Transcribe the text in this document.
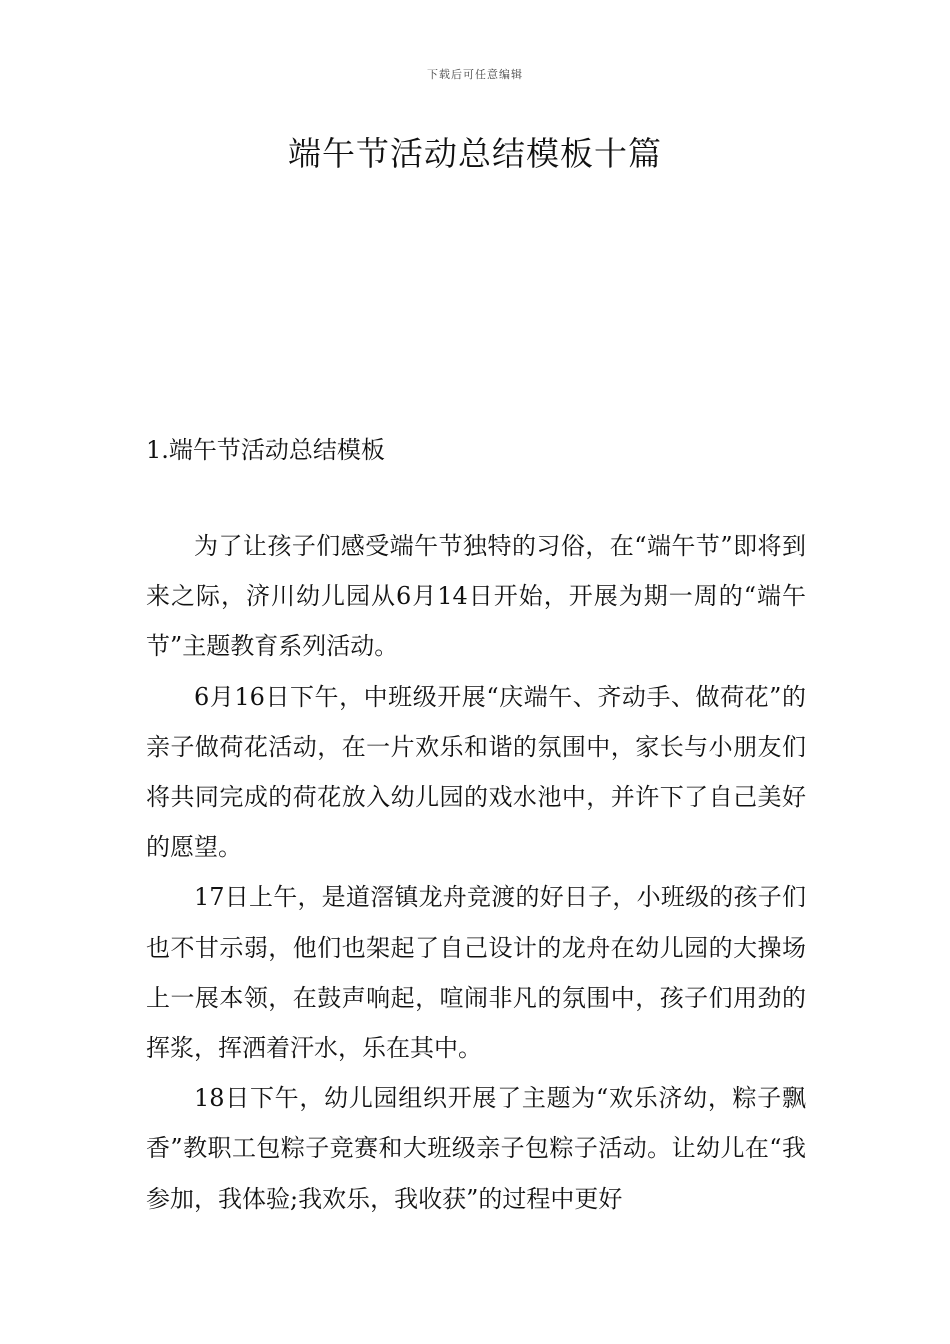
下载后可任意编辑
端午节活动总结模板十篇
1.端午节活动总结模板

为了让孩子们感受端午节独特的习俗，在“端午节”即将到来之际，济川幼儿园从6月14日开始，开展为期一周的“端午节”主题教育系列活动。

6月16日下午，中班级开展“庆端午、齐动手、做荷花”的亲子做荷花活动，在一片欢乐和谐的氛围中，家长与小朋友们将共同完成的荷花放入幼儿园的戏水池中，并许下了自己美好的愿望。

17日上午，是道滘镇龙舟竞渡的好日子，小班级的孩子们也不甘示弱，他们也架起了自己设计的龙舟在幼儿园的大操场上一展本领，在鼓声响起，喧闹非凡的氛围中，孩子们用劲的挥浆，挥洒着汗水，乐在其中。

18日下午，幼儿园组织开展了主题为“欢乐济幼，粽子飘香”教职工包粽子竞赛和大班级亲子包粽子活动。让幼儿在“我参加，我体验;我欢乐，我收获”的过程中更好
